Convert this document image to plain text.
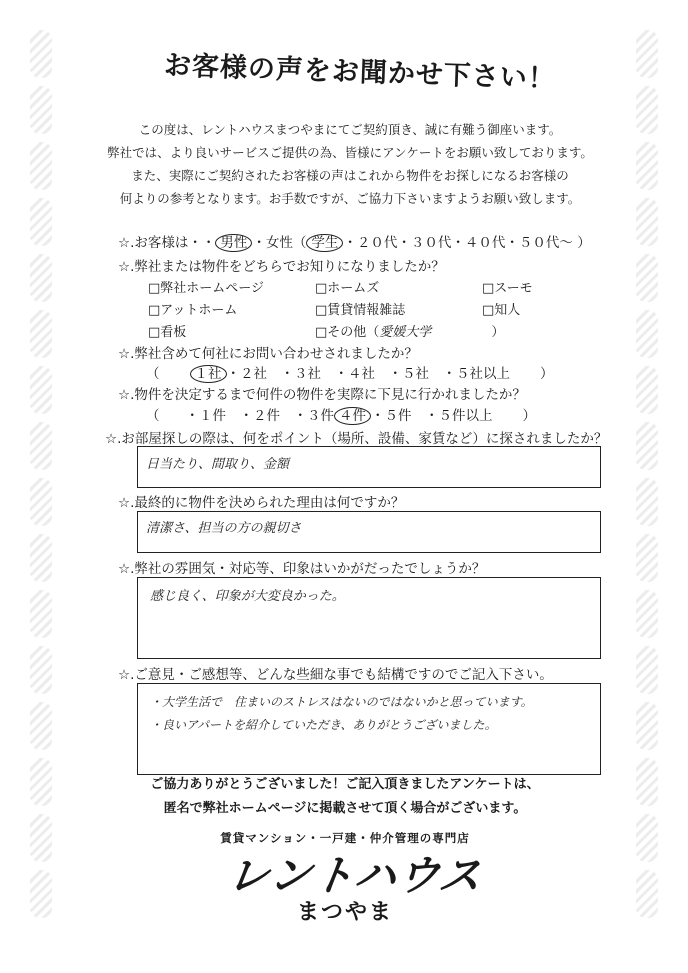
お客様の声をお聞かせ下さい！
この度は、レントハウスまつやまにてご契約頂き、誠に有難う御座います。
弊社では、より良いサービスご提供の為、皆様にアンケートをお願い致しております。
また、実際にご契約されたお客様の声はこれから物件をお探しになるお客様の
何よりの参考となります。お手数ですが、ご協力下さいますようお願い致します。
☆.お客様は・・ 男性 ・女性（ 学生 ・２０代・３０代・４０代・５０代～ ）
☆.弊社または物件をどちらでお知りになりましたか？
□弊社ホームページ	□ホームズ	□スーモ
□アットホーム	□賃貸情報雑誌	□知人
□看板	□その他（愛媛大学	）
☆.弊社含めて何社にお問い合わせされましたか？
（	１社 ・２社　・３社　・４社　・５社　・５社以上 ）
☆.物件を決定するまで何件の物件を実際に下見に行かれましたか？
（ ・１件　・２件　・３件 ４件 ・５件　・５件以上 ）
☆.お部屋探しの際は、何をポイント（場所、設備、家賃など）に探されましたか？
日当たり、間取り、金額
☆.最終的に物件を決められた理由は何ですか？
清潔さ、担当の方の親切さ
☆.弊社の雰囲気・対応等、印象はいかがだったでしょうか？
感じ良く、印象が大変良かった。
☆.ご意見・ご感想等、どんな些細な事でも結構ですのでご記入下さい。
・大学生活で　住まいのストレスはないのではないかと思っています。
・良いアパートを紹介していただき、ありがとうございました。
ご協力ありがとうございました！ご記入頂きましたアンケートは、
匿名で弊社ホームページに掲載させて頂く場合がございます。
賃貸マンション・一戸建・仲介管理の専門店
レントハウス
まつやま
